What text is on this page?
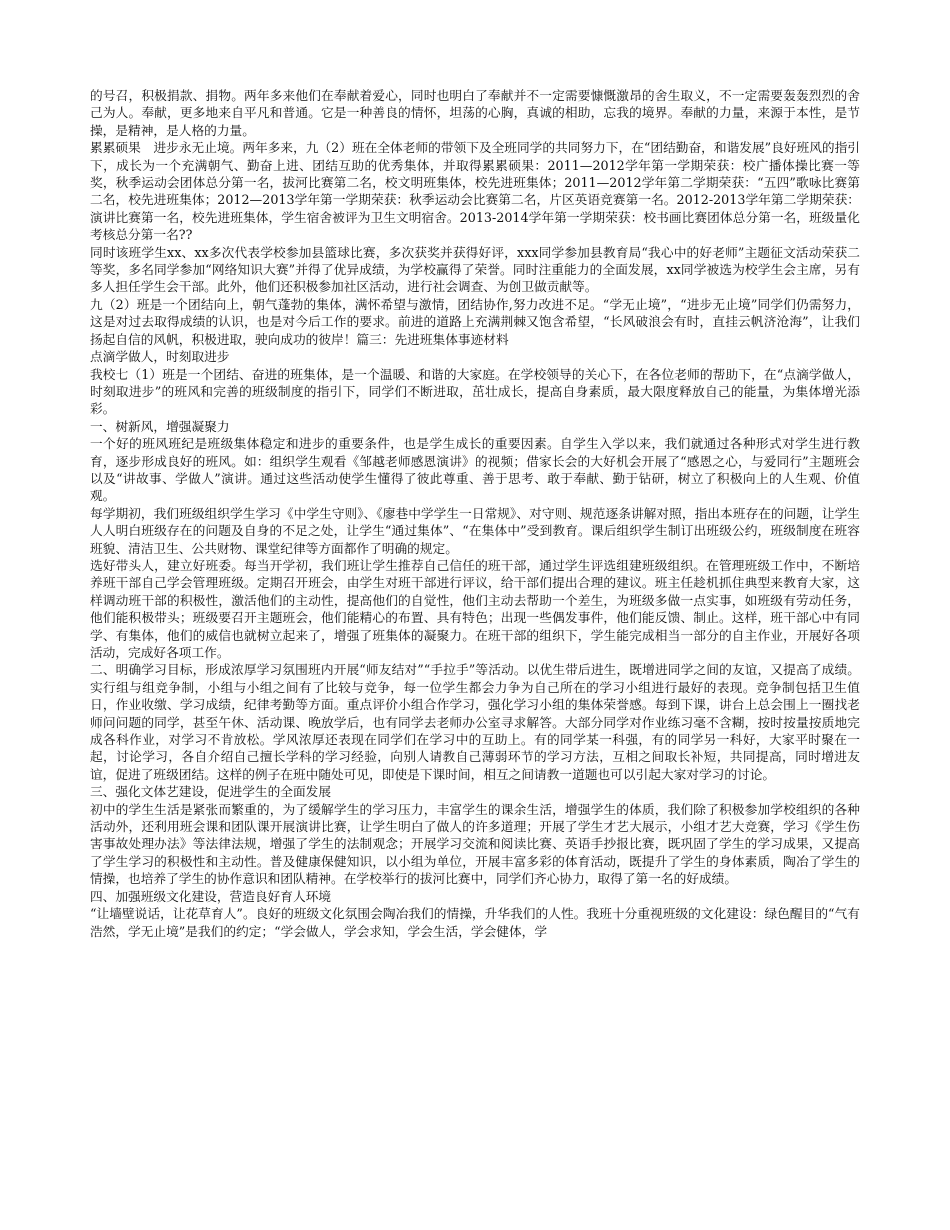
的号召，积极捐款、捐物。两年多来他们在奉献着爱心，同时也明白了奉献并不一定需要慷慨激昂的舍生取义，不一定需要轰轰烈烈的舍己为人。奉献，更多地来自平凡和普通。它是一种善良的情怀，坦荡的心胸，真诚的相助，忘我的境界。奉献的力量，来源于本性，是节操，是精神，是人格的力量。

累累硕果　进步永无止境。两年多来，九（2）班在全体老师的带领下及全班同学的共同努力下，在“团结勤奋，和谐发展”良好班风的指引下，成长为一个充满朝气、勤奋上进、团结互助的优秀集体，并取得累累硕果：2011—2012学年第一学期荣获：校广播体操比赛一等奖，秋季运动会团体总分第一名，拔河比赛第二名，校文明班集体，校先进班集体；2011—2012学年第二学期荣获：“五四”歌咏比赛第二名，校先进班集体；2012—2013学年第一学期荣获：秋季运动会比赛第二名，片区英语竞赛第一名。2012-2013学年第二学期荣获：演讲比赛第一名，校先进班集体，学生宿舍被评为卫生文明宿舍。2013-2014学年第一学期荣获：校书画比赛团体总分第一名，班级量化考核总分第一名??

同时该班学生xx、xx多次代表学校参加县篮球比赛，多次获奖并获得好评，xxx同学参加县教育局“我心中的好老师”主题征文活动荣获二等奖，多名同学参加“网络知识大赛”并得了优异成绩，为学校赢得了荣誉。同时注重能力的全面发展，xx同学被选为校学生会主席，另有多人担任学生会干部。此外，他们还积极参加社区活动，进行社会调查、为创卫做贡献等。

九（2）班是一个团结向上，朝气蓬勃的集体，满怀希望与激情，团结协作,努力改进不足。“学无止境”，“进步无止境”同学们仍需努力，这是对过去取得成绩的认识，也是对今后工作的要求。前进的道路上充满荆棘又饱含希望，“长风破浪会有时，直挂云帆济沧海”，让我们扬起自信的风帆，积极进取，驶向成功的彼岸！篇三：先进班集体事迹材料

点滴学做人，时刻取进步

我校七（1）班是一个团结、奋进的班集体，是一个温暖、和谐的大家庭。在学校领导的关心下，在各位老师的帮助下，在“点滴学做人，时刻取进步”的班风和完善的班级制度的指引下，同学们不断进取，茁壮成长，提高自身素质，最大限度释放自己的能量，为集体增光添彩。

一、树新风，增强凝聚力

一个好的班风班纪是班级集体稳定和进步的重要条件，也是学生成长的重要因素。自学生入学以来，我们就通过各种形式对学生进行教育，逐步形成良好的班风。如：组织学生观看《邹越老师感恩演讲》的视频；借家长会的大好机会开展了“感恩之心，与爱同行”主题班会以及“讲故事、学做人”演讲。通过这些活动使学生懂得了彼此尊重、善于思考、敢于奉献、勤于钻研，树立了积极向上的人生观、价值观。

每学期初，我们班级组织学生学习《中学生守则》、《廖巷中学学生一日常规》、对守则、规范逐条讲解对照，指出本班存在的问题，让学生人人明白班级存在的问题及自身的不足之处，让学生“通过集体”、“在集体中”受到教育。课后组织学生制订出班级公约，班级制度在班容班貌、清洁卫生、公共财物、课堂纪律等方面都作了明确的规定。

选好带头人，建立好班委。每当开学初，我们班让学生推荐自己信任的班干部，通过学生评选组建班级组织。在管理班级工作中，不断培养班干部自己学会管理班级。定期召开班会，由学生对班干部进行评议，给干部们提出合理的建议。班主任趁机抓住典型来教育大家，这样调动班干部的积极性，激活他们的主动性，提高他们的自觉性，他们主动去帮助一个差生，为班级多做一点实事，如班级有劳动任务，他们能积极带头；班级要召开主题班会，他们能精心的布置、具有特色；出现一些偶发事件，他们能反馈、制止。这样，班干部心中有同学、有集体，他们的威信也就树立起来了，增强了班集体的凝聚力。在班干部的组织下，学生能完成相当一部分的自主作业，开展好各项活动，完成好各项工作。

二、明确学习目标，形成浓厚学习氛围班内开展“师友结对”“手拉手”等活动。以优生带后进生，既增进同学之间的友谊，又提高了成绩。实行组与组竞争制，小组与小组之间有了比较与竞争，每一位学生都会力争为自己所在的学习小组进行最好的表现。竞争制包括卫生值日，作业收缴、学习成绩，纪律考勤等方面。重点评价小组合作学习，强化学习小组的集体荣誉感。每到下课，讲台上总会围上一圈找老师问问题的同学，甚至午休、活动课、晚放学后，也有同学去老师办公室寻求解答。大部分同学对作业练习毫不含糊，按时按量按质地完成各科作业，对学习不肯放松。学风浓厚还表现在同学们在学习中的互助上。有的同学某一科强，有的同学另一科好，大家平时聚在一起，讨论学习，各自介绍自己擅长学科的学习经验，向别人请教自己薄弱环节的学习方法，互相之间取长补短，共同提高，同时增进友谊，促进了班级团结。这样的例子在班中随处可见，即使是下课时间，相互之间请教一道题也可以引起大家对学习的讨论。

三、强化文体艺建设，促进学生的全面发展

初中的学生生活是紧张而繁重的，为了缓解学生的学习压力，丰富学生的课余生活，增强学生的体质，我们除了积极参加学校组织的各种活动外，还利用班会课和团队课开展演讲比赛，让学生明白了做人的许多道理；开展了学生才艺大展示，小组才艺大竞赛，学习《学生伤害事故处理办法》等法律法规，增强了学生的法制观念；开展学习交流和阅读比赛、英语手抄报比赛，既巩固了学生的学习成果，又提高了学生学习的积极性和主动性。普及健康保健知识，以小组为单位，开展丰富多彩的体育活动，既提升了学生的身体素质，陶冶了学生的情操，也培养了学生的协作意识和团队精神。在学校举行的拔河比赛中，同学们齐心协力，取得了第一名的好成绩。

四、加强班级文化建设，营造良好育人环境

“让墙壁说话，让花草育人”。良好的班级文化氛围会陶冶我们的情操，升华我们的人性。我班十分重视班级的文化建设：绿色醒目的“气有浩然，学无止境”是我们的约定；“学会做人，学会求知，学会生活，学会健体，学
